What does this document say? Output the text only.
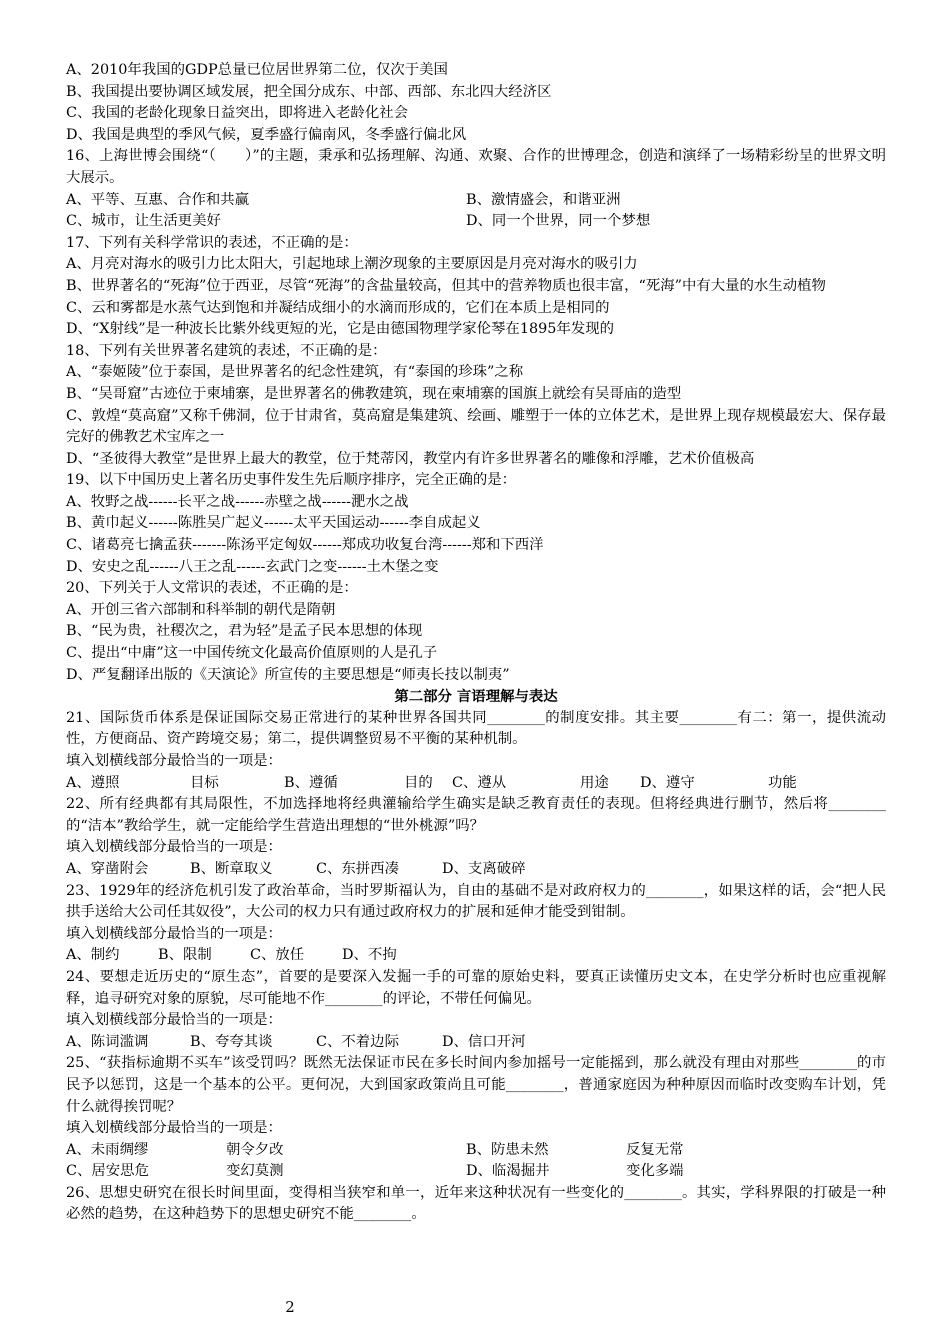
A、2010年我国的GDP总量已位居世界第二位，仅次于美国
B、我国提出要协调区域发展，把全国分成东、中部、西部、东北四大经济区
C、我国的老龄化现象日益突出，即将进入老龄化社会
D、我国是典型的季风气候，夏季盛行偏南风，冬季盛行偏北风
16、上海世博会围绕“（　　）”的主题，秉承和弘扬理解、沟通、欢聚、合作的世博理念，创造和演绎了一场精彩纷呈的世界文明大展示。
A、平等、互惠、合作和共赢	B、激情盛会，和谐亚洲
C、城市，让生活更美好	D、同一个世界，同一个梦想
17、下列有关科学常识的表述，不正确的是：
A、月亮对海水的吸引力比太阳大，引起地球上潮汐现象的主要原因是月亮对海水的吸引力
B、世界著名的“死海”位于西亚，尽管“死海”的含盐量较高，但其中的营养物质也很丰富，“死海”中有大量的水生动植物
C、云和雾都是水蒸气达到饱和并凝结成细小的水滴而形成的，它们在本质上是相同的
D、“X射线”是一种波长比紫外线更短的光，它是由德国物理学家伦琴在1895年发现的
18、下列有关世界著名建筑的表述，不正确的是：
A、“泰姬陵”位于泰国，是世界著名的纪念性建筑，有“泰国的珍珠”之称
B、“吴哥窟”古迹位于柬埔寨，是世界著名的佛教建筑，现在柬埔寨的国旗上就绘有吴哥庙的造型
C、敦煌“莫高窟”又称千佛洞，位于甘肃省，莫高窟是集建筑、绘画、雕塑于一体的立体艺术，是世界上现存规模最宏大、保存最完好的佛教艺术宝库之一
D、“圣彼得大教堂”是世界上最大的教堂，位于梵蒂冈，教堂内有许多世界著名的雕像和浮雕，艺术价值极高
19、以下中国历史上著名历史事件发生先后顺序排序，完全正确的是：
A、牧野之战------长平之战------赤壁之战------淝水之战
B、黄巾起义------陈胜吴广起义------太平天国运动------李自成起义
C、诸葛亮七擒孟获-------陈汤平定匈奴------郑成功收复台湾------郑和下西洋
D、安史之乱------八王之乱------玄武门之变------土木堡之变
20、下列关于人文常识的表述，不正确的是：
A、开创三省六部制和科举制的朝代是隋朝
B、“民为贵，社稷次之，君为轻”是孟子民本思想的体现
C、提出“中庸”这一中国传统文化最高价值原则的人是孔子
D、严复翻译出版的《天演论》所宣传的主要思想是“师夷长技以制夷”
第二部分 言语理解与表达
21、国际货币体系是保证国际交易正常进行的某种世界各国共同________的制度安排。其主要________有二：第一，提供流动性，方便商品、资产跨境交易；第二，提供调整贸易不平衡的某种机制。
填入划横线部分最恰当的一项是：
A、遵照	目标	B、遵循	目的 C、遵从	用途 D、遵守	功能
22、所有经典都有其局限性，不加选择地将经典灌输给学生确实是缺乏教育责任的表现。但将经典进行删节，然后将________的“洁本”教给学生，就一定能给学生营造出理想的“世外桃源”吗？
填入划横线部分最恰当的一项是：
A、穿凿附会	B、断章取义	C、东拼西凑	D、支离破碎
23、1929年的经济危机引发了政治革命，当时罗斯福认为，自由的基础不是对政府权力的________，如果这样的话，会“把人民拱手送给大公司任其奴役”，大公司的权力只有通过政府权力的扩展和延伸才能受到钳制。
填入划横线部分最恰当的一项是：
A、制约	B、限制	C、放任	D、不拘
24、要想走近历史的“原生态”，首要的是要深入发掘一手的可靠的原始史料，要真正读懂历史文本，在史学分析时也应重视解释，追寻研究对象的原貌，尽可能地不作________的评论，不带任何偏见。
填入划横线部分最恰当的一项是：
A、陈词滥调	B、夸夸其谈	C、不着边际	D、信口开河
25、“获指标逾期不买车”该受罚吗？既然无法保证市民在多长时间内参加摇号一定能摇到，那么就没有理由对那些________的市民予以惩罚，这是一个基本的公平。更何况，大到国家政策尚且可能________，普通家庭因为种种原因而临时改变购车计划，凭什么就得挨罚呢？
填入划横线部分最恰当的一项是：
A、未雨绸缪	朝令夕改	B、防患未然	反复无常
C、居安思危	变幻莫测	D、临渴掘井	变化多端
26、思想史研究在很长时间里面，变得相当狭窄和单一，近年来这种状况有一些变化的________。其实，学科界限的打破是一种必然的趋势，在这种趋势下的思想史研究不能________。
2
